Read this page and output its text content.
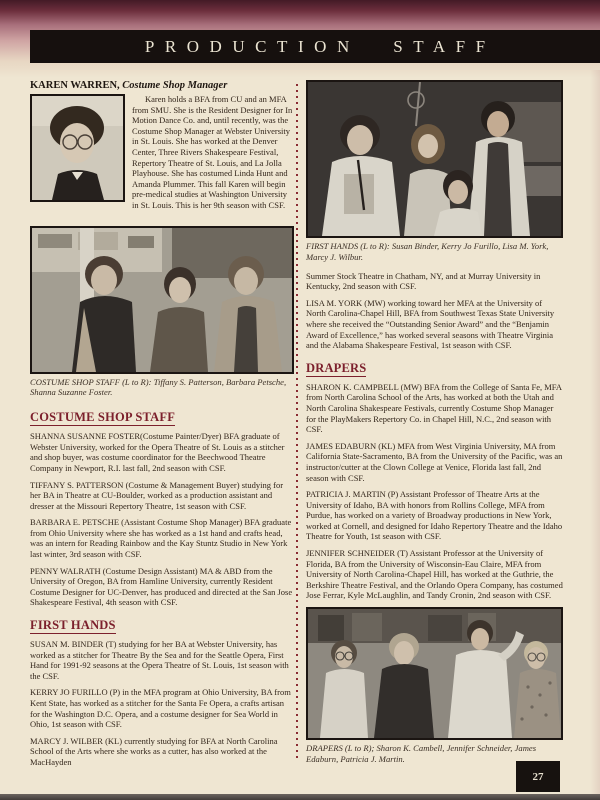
PRODUCTION STAFF
KAREN WARREN, Costume Shop Manager

Karen holds a BFA from CU and an MFA from SMU. She is the Resident Designer for In Motion Dance Co. and, until recently, was the Costume Shop Manager at Webster University in St. Louis. She has worked at the Denver Center, Three Rivers Shakespeare Festival, Repertory Theatre of St. Louis, and La Jolla Playhouse. She has costumed Linda Hunt and Amanda Plummer. This fall Karen will begin pre-medical studies at Washington University in St. Louis. This is her 9th season with CSF.

COSTUME SHOP STAFF (L to R): Tiffany S. Patterson, Barbara Petsche, Shanna Suzanne Foster.

COSTUME SHOP STAFF

SHANNA SUSANNE FOSTER(Costume Painter/Dyer) BFA graduate of Webster University, worked for the Opera Theatre of St. Louis as a stitcher and shop buyer, was costume coordinator for the Beechwood Theatre Company in Newport, R.I. last fall, 2nd season with CSF.

TIFFANY S. PATTERSON (Costume & Management Buyer) studying for her BA in Theatre at CU-Boulder, worked as a production assistant and dresser at the Missouri Repertory Theatre, 1st season with CSF.

BARBARA E. PETSCHE (Assistant Costume Shop Manager) BFA graduate from Ohio University where she has worked as a 1st hand and crafts head, was an intern for Reading Rainbow and the Kay Stuntz Studio in New York last winter, 3rd season with CSF.

PENNY WALRATH (Costume Design Assistant) MA & ABD from the University of Oregon, BA from Hamline University, currently Resident Costume Designer for UC-Denver, has produced and directed at the San Jose Shakespeare Festival, 4th season with CSF.

FIRST HANDS

SUSAN M. BINDER (T) studying for her BA at Webster University, has worked as a stitcher for Theatre By the Sea and for the Seattle Opera, First Hand for 1991-92 seasons at the Opera Theatre of St. Louis, 1st season with the CSF.

KERRY JO FURILLO (P) in the MFA program at Ohio University, BA from Kent State, has worked as a stitcher for the Santa Fe Opera, a crafts artisan for the Washington D.C. Opera, and a costume designer for Sea World in Ohio, 1st season with CSF.

MARCY J. WILBER (KL) currently studying for BFA at North Carolina School of the Arts where she works as a cutter, has also worked at the MacHayden

FIRST HANDS (L to R): Susan Binder, Kerry Jo Furillo, Lisa M. York, Marcy J. Wilbur.

Summer Stock Theatre in Chatham, NY, and at Murray University in Kentucky, 2nd season with CSF.

LISA M. YORK (MW) working toward her MFA at the University of North Carolina-Chapel Hill, BFA from Southwest Texas State University where she received the “Outstanding Senior Award” and the “Benjamin Award of Excellence,” has worked several seasons with Theatre Virginia and the Alabama Shakespeare Festival, 1st season with CSF.

DRAPERS

SHARON K. CAMPBELL (MW) BFA from the College of Santa Fe, MFA from North Carolina School of the Arts, has worked at both the Utah and North Carolina Shakespeare Festivals, currently Costume Shop Manager for the PlayMakers Repertory Co. in Chapel Hill, N.C., 2nd season with CSF.

JAMES EDABURN (KL) MFA from West Virginia University, MA from California State-Sacramento, BA from the University of the Pacific, was an instructor/cutter at the Clown College at Venice, Florida last fall, 2nd season with CSF.

PATRICIA J. MARTIN (P) Assistant Professor of Theatre Arts at the University of Idaho, BA with honors from Rollins College, MFA from Purdue, has worked on a variety of Broadway productions in New York, worked at Cornell, and designed for Idaho Repertory Theatre and the Idaho Theatre for Youth, 1st season with CSF.

JENNIFER SCHNEIDER (T) Assistant Professor at the University of Florida, BA from the University of Wisconsin-Eau Claire, MFA from University of North Carolina-Chapel Hill, has worked at the Guthrie, the Berkshire Theatre Festival, and the Orlando Opera Company, has costumed Jose Ferrar, Kyle McLaughlin, and Tandy Cronin, 2nd season with CSF.

DRAPERS (L to R); Sharon K. Cambell, Jennifer Schneider, James Edaburn, Patricia J. Martin.

27
